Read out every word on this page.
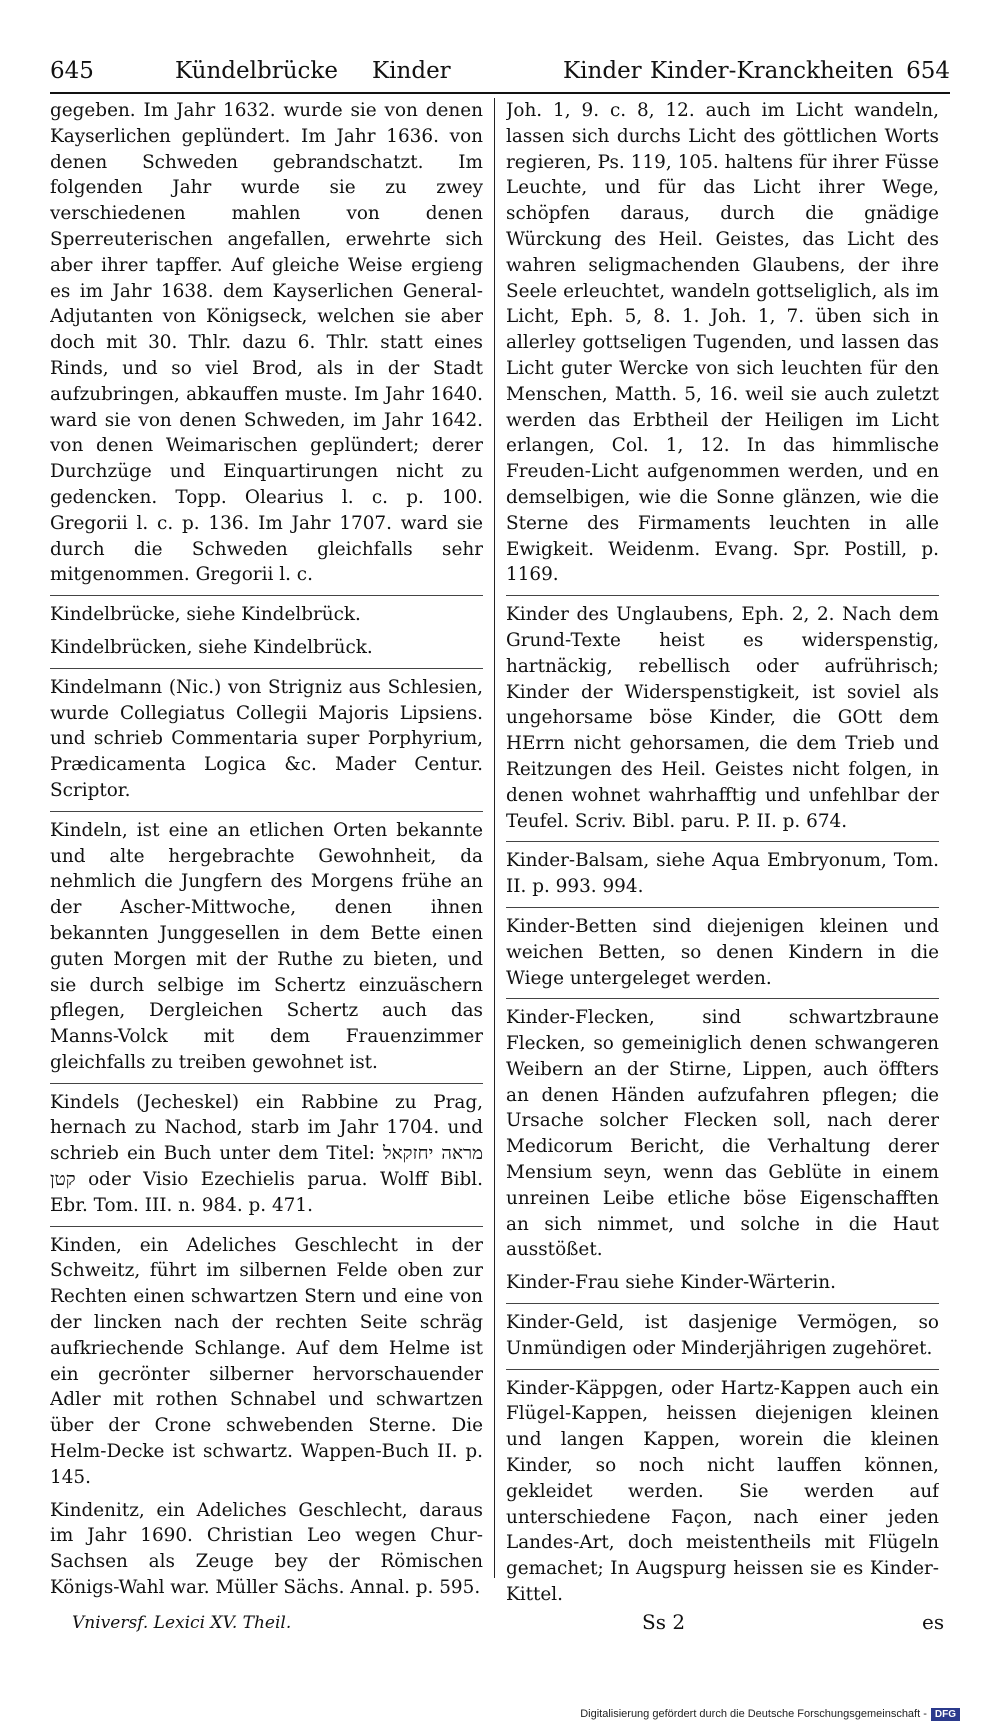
645	Kündelbrücke Kinder	Kinder Kinder-Kranckheiten 654

gegeben. Im Jahr 1632. wurde sie von denen Kayserlichen geplündert. Im Jahr 1636. von denen Schweden gebrandschatzt. Im folgenden Jahr wurde sie zu zwey verschiedenen mahlen von denen Sperreuterischen angefallen, erwehrte sich aber ihrer tapffer. Auf gleiche Weise ergieng es im Jahr 1638. dem Kayserlichen General-Adjutanten von Königseck, welchen sie aber doch mit 30. Thlr. dazu 6. Thlr. statt eines Rinds, und so viel Brod, als in der Stadt aufzubringen, abkauffen muste. Im Jahr 1640. ward sie von denen Schweden, im Jahr 1642. von denen Weimarischen geplündert; derer Durchzüge und Einquartirungen nicht zu gedencken. Topp. Olearius l. c. p. 100. Gregorii l. c. p. 136. Im Jahr 1707. ward sie durch die Schweden gleichfalls sehr mitgenommen. Gregorii l. c.

Kindelbrücke, siehe Kindelbrück.

Kindelbrücken, siehe Kindelbrück.

Kindelmann (Nic.) von Strigniz aus Schlesien, wurde Collegiatus Collegii Majoris Lipsiens. und schrieb Commentaria super Porphyrium, Prædicamenta Logica &c. Mader Centur. Scriptor.

Kindeln, ist eine an etlichen Orten bekannte und alte hergebrachte Gewohnheit, da nehmlich die Jungfern des Morgens frühe an der Ascher-Mittwoche, denen ihnen bekannten Junggesellen in dem Bette einen guten Morgen mit der Ruthe zu bieten, und sie durch selbige im Schertz einzuäschern pflegen, Dergleichen Schertz auch das Manns-Volck mit dem Frauenzimmer gleichfalls zu treiben gewohnet ist.

Kindels (Jecheskel) ein Rabbine zu Prag, hernach zu Nachod, starb im Jahr 1704. und schrieb ein Buch unter dem Titel: מראה יחזקאל קטן oder Visio Ezechielis parua. Wolff Bibl. Ebr. Tom. III. n. 984. p. 471.

Kinden, ein Adeliches Geschlecht in der Schweitz, führt im silbernen Felde oben zur Rechten einen schwartzen Stern und eine von der lincken nach der rechten Seite schräg aufkriechende Schlange. Auf dem Helme ist ein gecrönter silberner hervorschauender Adler mit rothen Schnabel und schwartzen über der Crone schwebenden Sterne. Die Helm-Decke ist schwartz. Wappen-Buch II. p. 145.

Kindenitz, ein Adeliches Geschlecht, daraus im Jahr 1690. Christian Leo wegen Chur-Sachsen als Zeuge bey der Römischen Königs-Wahl war. Müller Sächs. Annal. p. 595.

Joh. 1, 9. c. 8, 12. auch im Licht wandeln, lassen sich durchs Licht des göttlichen Worts regieren, Ps. 119, 105. haltens für ihrer Füsse Leuchte, und für das Licht ihrer Wege, schöpfen daraus, durch die gnädige Würckung des Heil. Geistes, das Licht des wahren seligmachenden Glaubens, der ihre Seele erleuchtet, wandeln gottseliglich, als im Licht, Eph. 5, 8. 1. Joh. 1, 7. üben sich in allerley gottseligen Tugenden, und lassen das Licht guter Wercke von sich leuchten für den Menschen, Matth. 5, 16. weil sie auch zuletzt werden das Erbtheil der Heiligen im Licht erlangen, Col. 1, 12. In das himmlische Freuden-Licht aufgenommen werden, und en demselbigen, wie die Sonne glänzen, wie die Sterne des Firmaments leuchten in alle Ewigkeit. Weidenm. Evang. Spr. Postill, p. 1169.

Kinder des Unglaubens, Eph. 2, 2. Nach dem Grund-Texte heist es widerspenstig, hartnäckig, rebellisch oder aufrührisch; Kinder der Widerspenstigkeit, ist soviel als ungehorsame böse Kinder, die GOtt dem HErrn nicht gehorsamen, die dem Trieb und Reitzungen des Heil. Geistes nicht folgen, in denen wohnet wahrhafftig und unfehlbar der Teufel. Scriv. Bibl. paru. P. II. p. 674.

Kinder-Balsam, siehe Aqua Embryonum, Tom. II. p. 993. 994.

Kinder-Betten sind diejenigen kleinen und weichen Betten, so denen Kindern in die Wiege untergeleget werden.

Kinder-Flecken, sind schwartzbraune Flecken, so gemeiniglich denen schwangeren Weibern an der Stirne, Lippen, auch öffters an denen Händen aufzufahren pflegen; die Ursache solcher Flecken soll, nach derer Medicorum Bericht, die Verhaltung derer Mensium seyn, wenn das Geblüte in einem unreinen Leibe etliche böse Eigenschafften an sich nimmet, und solche in die Haut ausstößet.

Kinder-Frau siehe Kinder-Wärterin.

Kinder-Geld, ist dasjenige Vermögen, so Unmündigen oder Minderjährigen zugehöret.

Kinder-Käppgen, oder Hartz-Kappen auch ein Flügel-Kappen, heissen diejenigen kleinen und langen Kappen, worein die kleinen Kinder, so noch nicht lauffen können, gekleidet werden. Sie werden auf unterschiedene Façon, nach einer jeden Landes-Art, doch meistentheils mit Flügeln gemachet; In Augspurg heissen sie es Kinder-Kittel.

Vniversf. Lexici XV. Theil.	Ss 2	es
Digitalisierung gefördert durch die Deutsche Forschungsgemeinschaft - DFG
